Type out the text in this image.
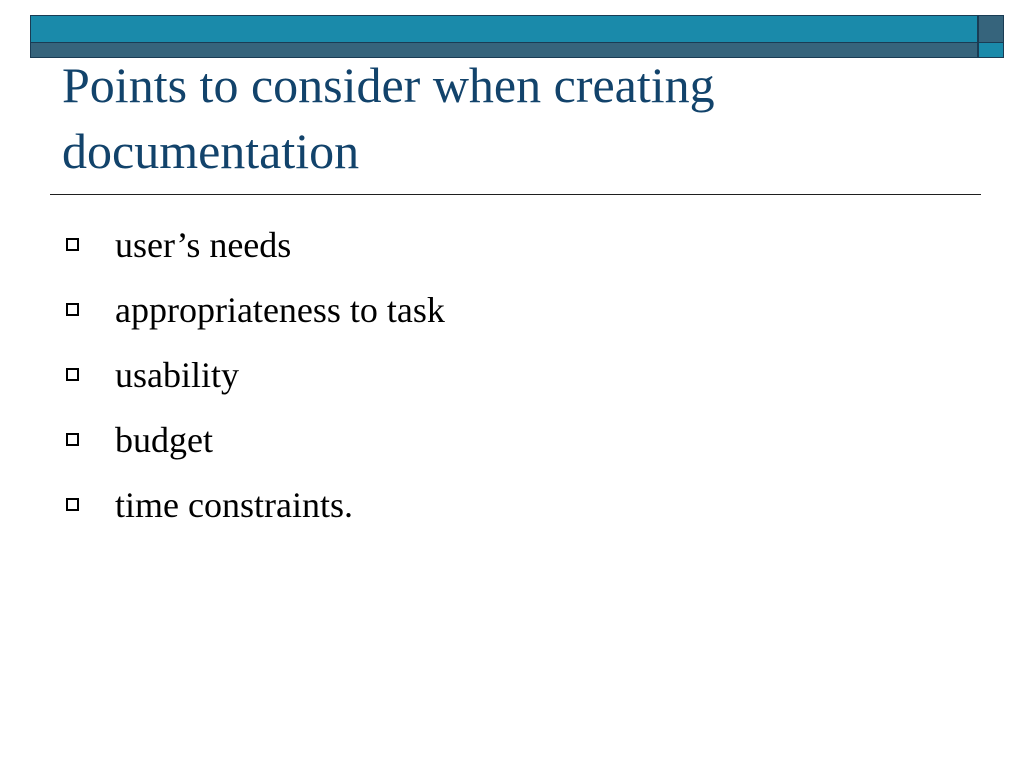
Points to consider when creating
documentation
user’s needs
appropriateness to task
usability
budget
time constraints.
